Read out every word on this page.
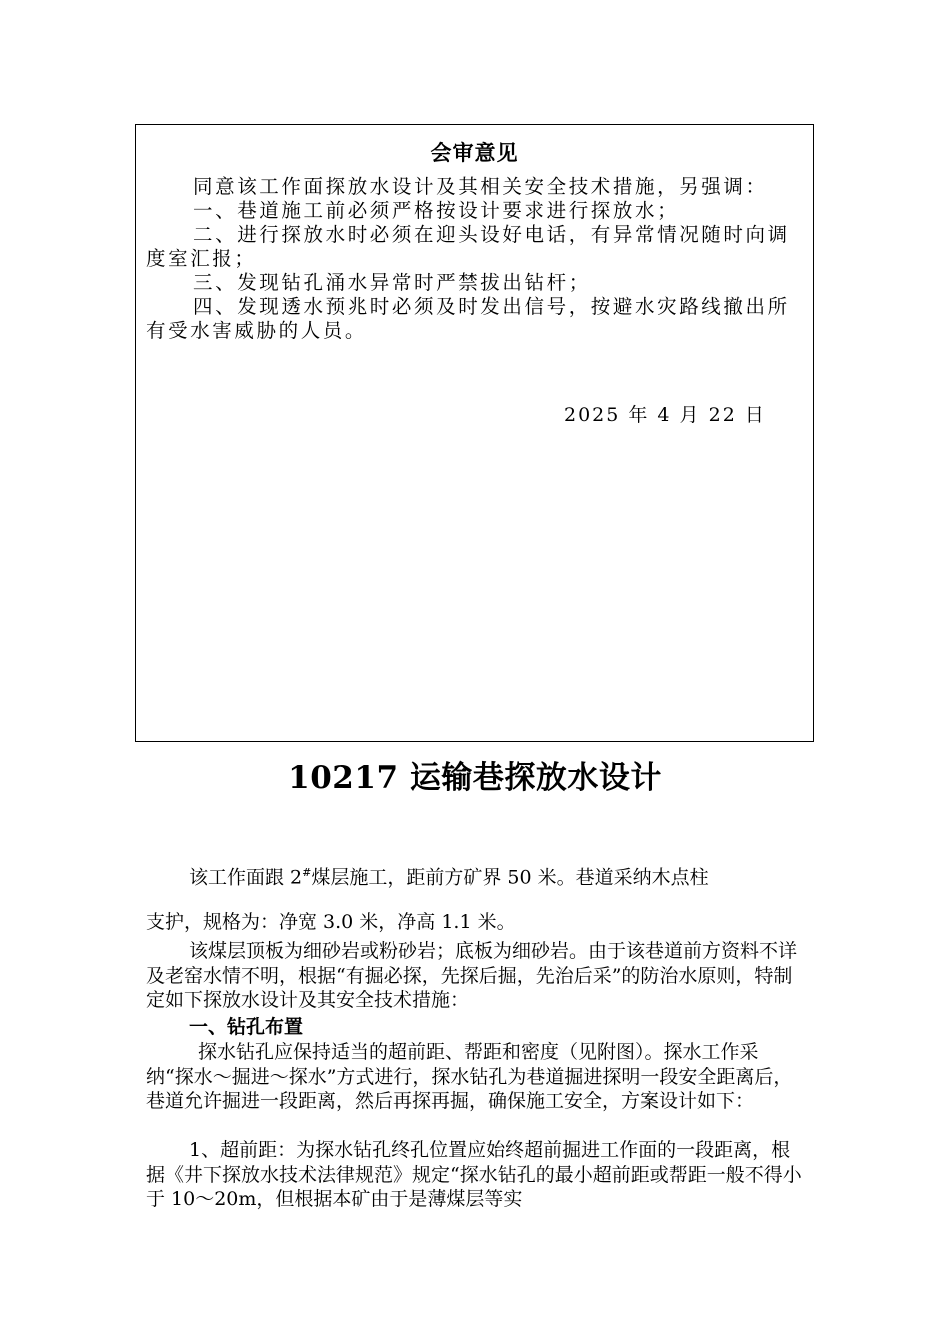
会审意见

同意该工作面探放水设计及其相关安全技术措施，另强调：

一、巷道施工前必须严格按设计要求进行探放水；

二、进行探放水时必须在迎头设好电话，有异常情况随时向调度室汇报；

三、发现钻孔涌水异常时严禁拔出钻杆；

四、发现透水预兆时必须及时发出信号，按避水灾路线撤出所有受水害威胁的人员。

2025 年 4 月 22 日
10217 运输巷探放水设计

该工作面跟 2#煤层施工，距前方矿界 50 米。巷道采纳木点柱

支护，规格为：净宽 3.0 米，净高 1.1 米。

该煤层顶板为细砂岩或粉砂岩；底板为细砂岩。由于该巷道前方资料不详及老窑水情不明，根据“有掘必探，先探后掘，先治后采”的防治水原则，特制定如下探放水设计及其安全技术措施：

一、钻孔布置

探水钻孔应保持适当的超前距、帮距和密度（见附图）。探水工作采纳“探水～掘进～探水”方式进行，探水钻孔为巷道掘进探明一段安全距离后，巷道允许掘进一段距离，然后再探再掘，确保施工安全，方案设计如下：

1、超前距：为探水钻孔终孔位置应始终超前掘进工作面的一段距离，根据《井下探放水技术法律规范》规定“探水钻孔的最小超前距或帮距一般不得小于 10～20m，但根据本矿由于是薄煤层等实
